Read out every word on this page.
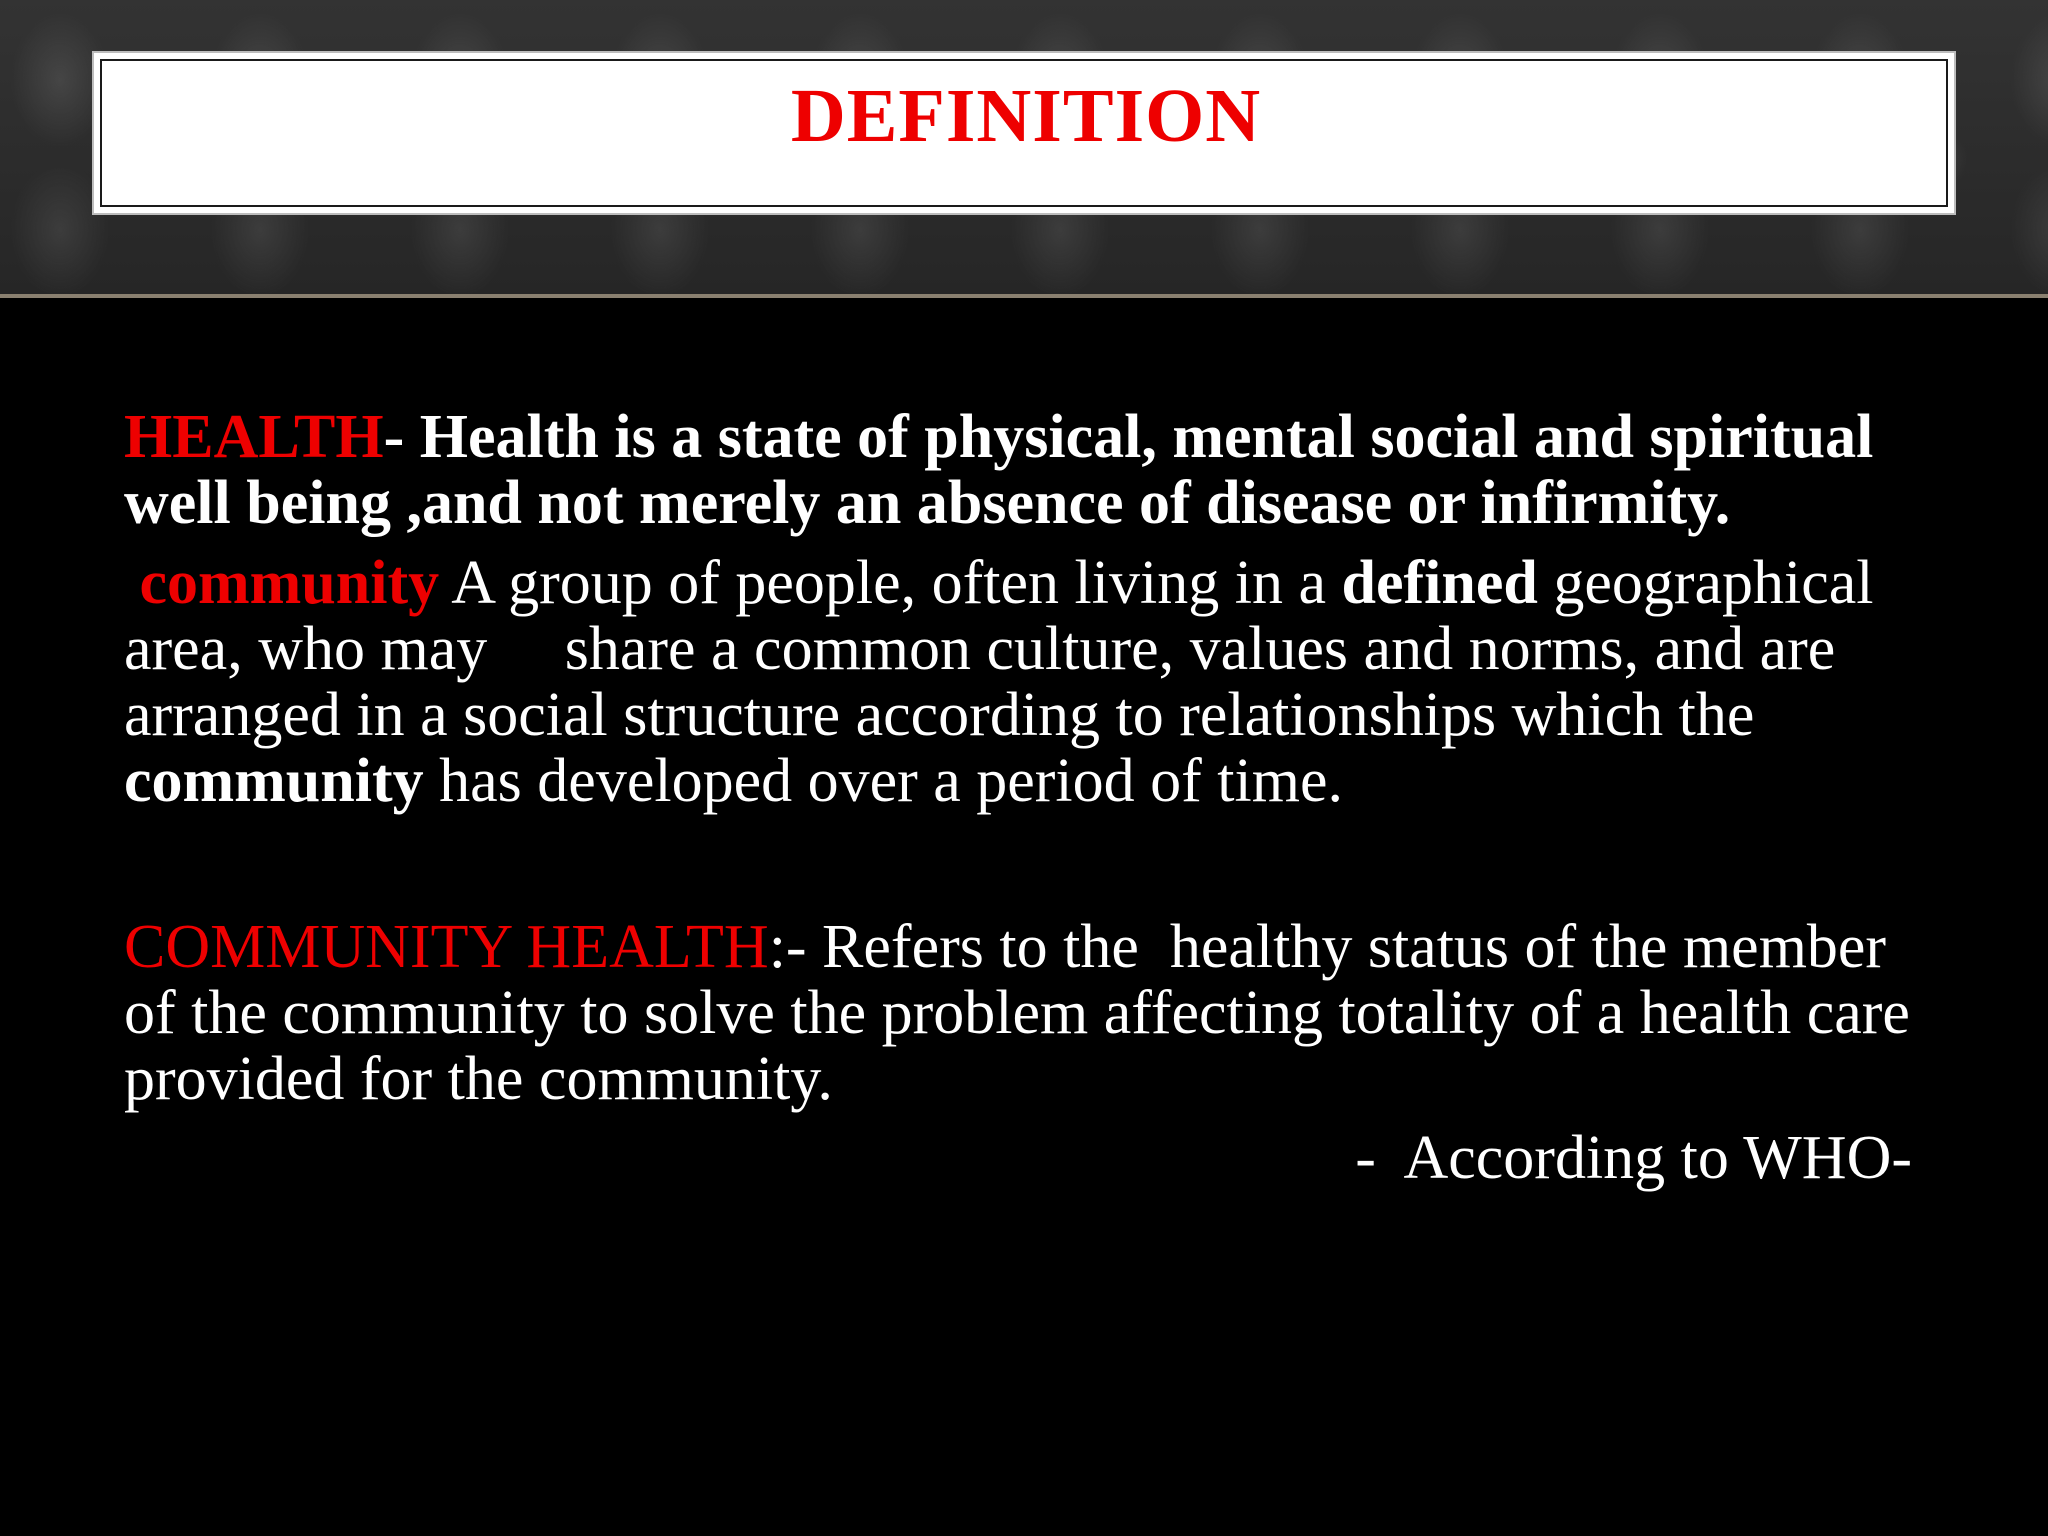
DEFINITION

HEALTH- Health is a state of physical, mental social and spiritual well being ,and not merely an absence of disease or infirmity.

community A group of people, often living in a defined geographical area, who may     share a common culture, values and norms, and are arranged in a social structure according to relationships which the community has developed over a period of time.

COMMUNITY HEALTH:- Refers to the  healthy status of the member of the community to solve the problem affecting totality of a health care provided for the community.

-  According to WHO-
